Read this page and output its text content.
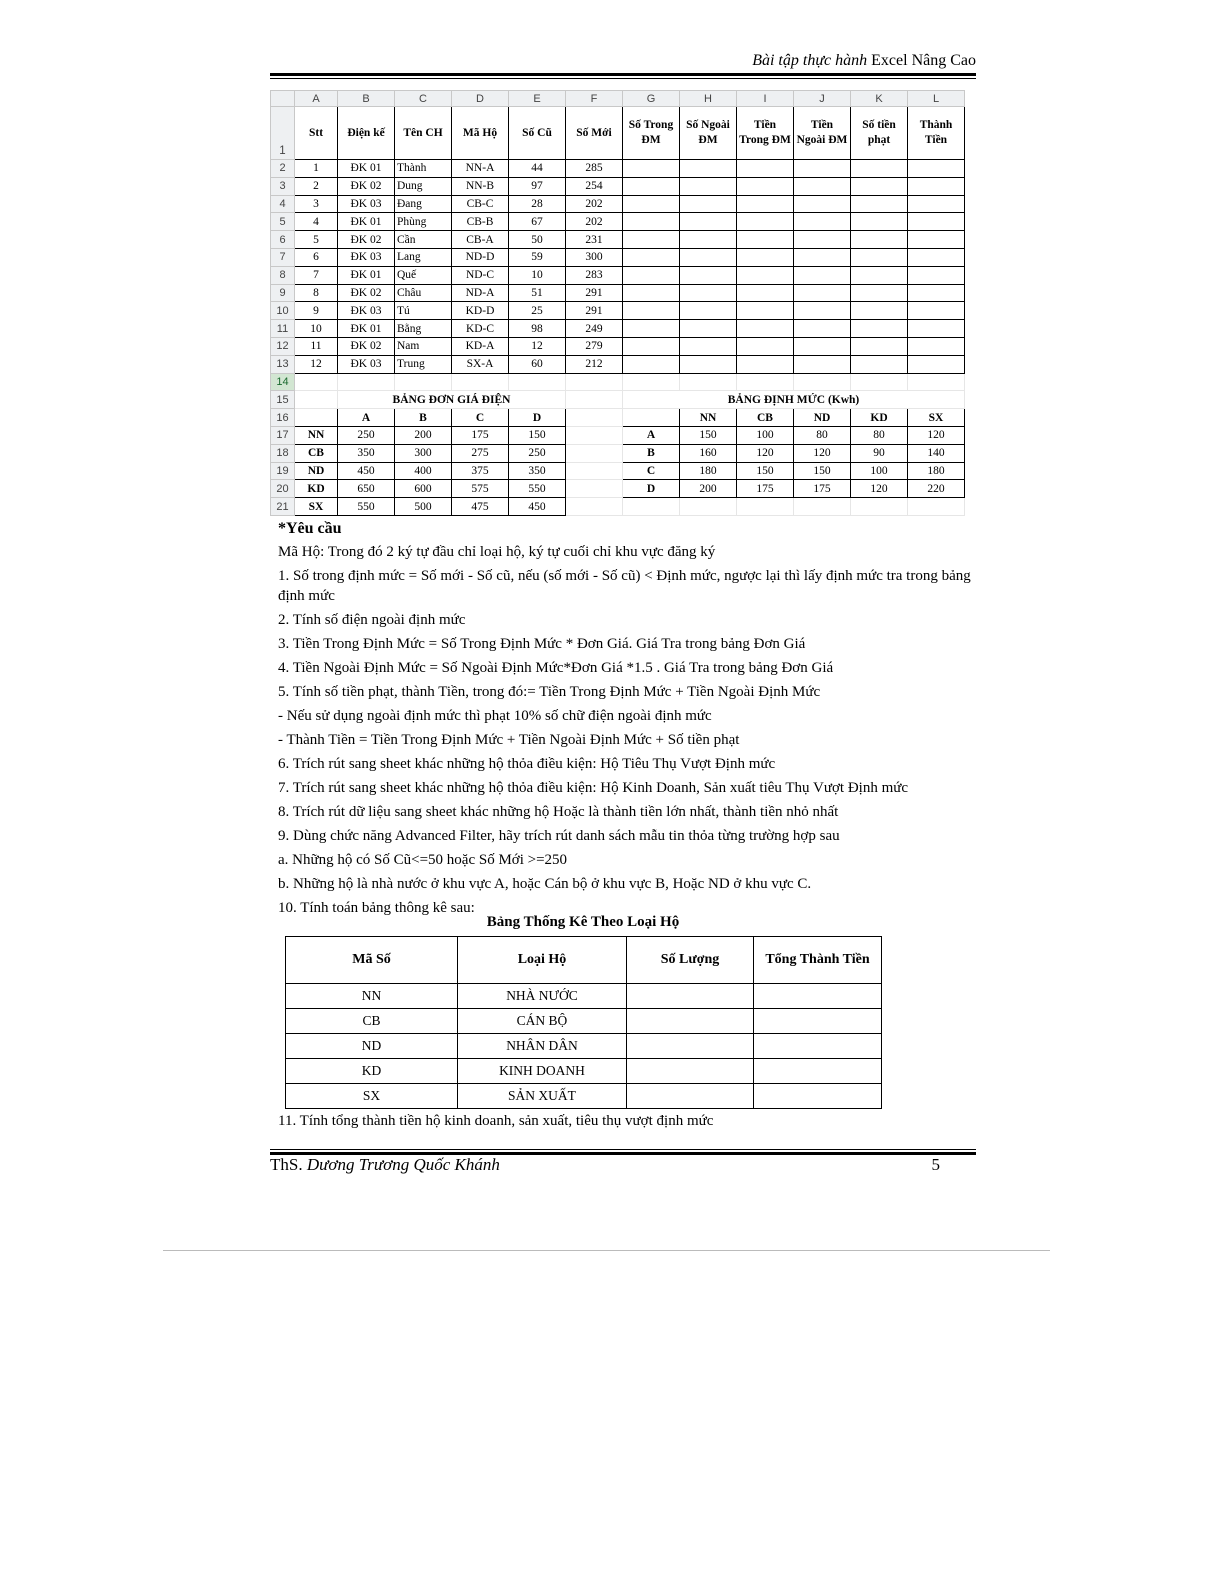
Bài tập thực hành Excel Nâng Cao
	A	B	C	D	E	F	G	H	I	J	K	L
1	Stt	Điện kế	Tên CH	Mã Hộ	Số Cũ	Số Mới	Số Trong ĐM	Số Ngoài ĐM	Tiền Trong ĐM	Tiền Ngoài ĐM	Số tiền phạt	Thành Tiền
2	1	ĐK 01	Thành	NN-A	44	285						
3	2	ĐK 02	Dung	NN-B	97	254						
4	3	ĐK 03	Đang	CB-C	28	202						
5	4	ĐK 01	Phùng	CB-B	67	202						
6	5	ĐK 02	Cần	CB-A	50	231						
7	6	ĐK 03	Lang	ND-D	59	300						
8	7	ĐK 01	Quế	ND-C	10	283						
9	8	ĐK 02	Châu	ND-A	51	291						
10	9	ĐK 03	Tú	KD-D	25	291						
11	10	ĐK 01	Bằng	KD-C	98	249						
12	11	ĐK 02	Nam	KD-A	12	279						
13	12	ĐK 03	Trung	SX-A	60	212						
14												
15		BẢNG ĐƠN GIÁ ĐIỆN					BẢNG ĐỊNH MỨC (Kwh)					
16		A	B	C	D			NN	CB	ND	KD	SX
17	NN	250	200	175	150		A	150	100	80	80	120
18	CB	350	300	275	250		B	160	120	120	90	140
19	ND	450	400	375	350		C	180	150	150	100	180
20	KD	650	600	575	550		D	200	175	175	120	220
21	SX	550	500	475	450							

*Yêu cầu

Mã Hộ: Trong đó 2 ký tự đầu chỉ loại hộ, ký tự cuối chỉ khu vực đăng ký

1. Số trong định mức = Số mới - Số cũ, nếu (số mới - Số cũ) < Định mức, ngược lại thì lấy định mức tra trong bảng định mức

2. Tính số điện ngoài định mức

3. Tiền Trong Định Mức = Số Trong Định Mức * Đơn Giá. Giá Tra trong bảng Đơn Giá

4. Tiền Ngoài Định Mức = Số Ngoài Định Mức*Đơn Giá *1.5 . Giá Tra trong bảng Đơn Giá

5. Tính số tiền phạt, thành Tiền, trong đó:= Tiền Trong Định Mức + Tiền Ngoài Định Mức

- Nếu sử dụng ngoài định mức thì phạt 10% số chữ điện ngoài định mức

- Thành Tiền = Tiền Trong Định Mức + Tiền Ngoài Định Mức + Số tiền phạt

6. Trích rút sang sheet khác những hộ thỏa điều kiện: Hộ Tiêu Thụ Vượt Định mức

7. Trích rút sang sheet khác những hộ thỏa điều kiện: Hộ Kinh Doanh, Sản xuất tiêu Thụ Vượt Định mức

8. Trích rút dữ liệu sang sheet khác những hộ Hoặc là thành tiền lớn nhất, thành tiền nhỏ nhất

9. Dùng chức năng Advanced Filter, hãy trích rút danh sách mẫu tin thỏa từng trường hợp sau

a. Những hộ có Số Cũ<=50 hoặc Số Mới >=250

b. Những hộ là nhà nước ở khu vực A, hoặc Cán bộ ở khu vực B, Hoặc ND ở khu vực C.

10. Tính toán bảng thông kê sau:

Bảng Thống Kê Theo Loại Hộ
Mã Số	Loại Hộ	Số Lượng	Tổng Thành Tiền
NN	NHÀ NƯỚC		
CB	CÁN BỘ		
ND	NHÂN DÂN		
KD	KINH DOANH		
SX	SẢN XUẤT		
11. Tính tổng thành tiền hộ kinh doanh, sản xuất, tiêu thụ vượt định mức
ThS. Dương Trương Quốc Khánh	5
